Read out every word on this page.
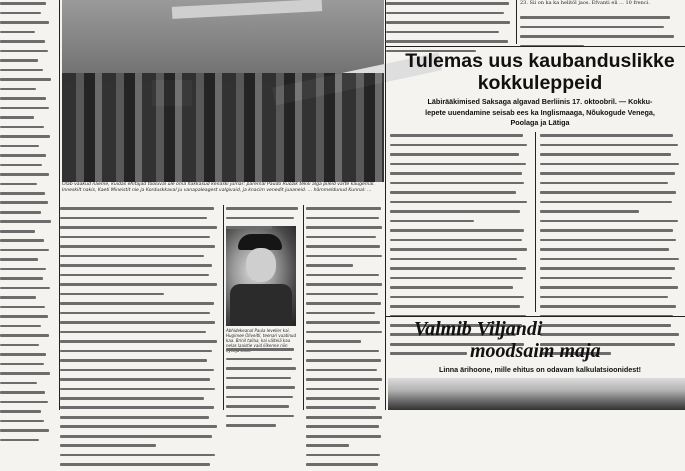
Olab vaakud näeme, kuidas ehitajad tööluval üle oma hakkasud kenaski jumar: paremal Paudo Ruozik tekili alga pileid varte kaugemal. Inneskilt nakis, Kaeti Mineistit nie ja Korduskkaval ju vanapaleagest valgivaid, ja knacim venedit juaaneid. ... hämmeldunud Kunnal: ...
23. Sii on ka ka helitöl jaos. Efvanti eli ... 10 frenci.
Tulemas uus kaubanduslikke
kokkuleppeid
Läbirääkimised Saksaga algavad Berliinis 17. oktoobril. — Kokku-
lepete uuendamine seisab ees ka Inglismaaga, Nõukogude Venega,
Poolaga ja Lätiga
Valmib Viljandi
moodsaim maja
Linna ärihoone, mille ehitus on odavam kalkulatsioonidest!
Abhidekeanal Paula levelier kai. Hugimee Oliveitli, teenari vaatinud kaa. Brinil tallaa, kai väiteiä kaa nelas laaistie vaid liikenne niin
